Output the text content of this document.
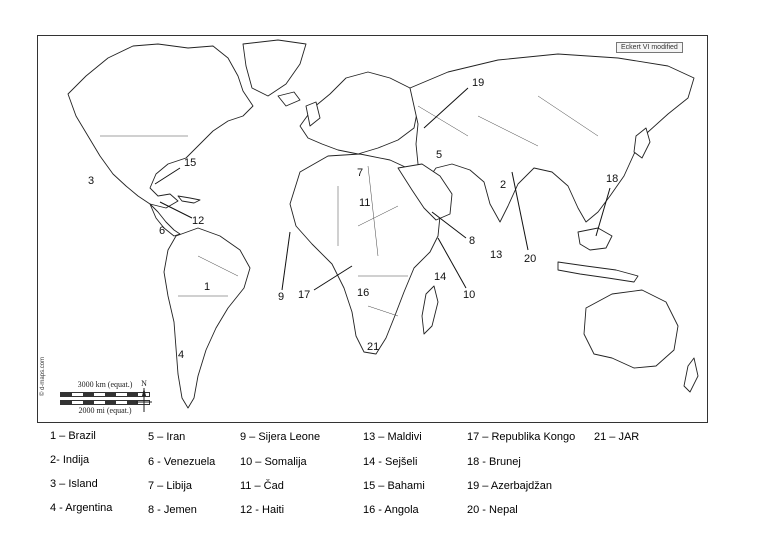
Eckert VI modified
© d-maps.com	3000 km (equat.)
2000 mi (equat.)
N
1
2
3
4
5
6
7
8
9	10
11
12
13
14
15
16
17
18
19
20
21
1 – Brazil
2- Indija
3 – Island
4 - Argentina
5 – Iran
6 - Venezuela
7 – Libija
8 - Jemen
9 – Sijera Leone
10 – Somalija
11 – Čad
12 - Haiti
13 – Maldivi
14 - Sejšeli
15 – Bahami
16 - Angola
17 – Republika Kongo
18 - Brunej
19 – Azerbajdžan
20 - Nepal
21 – JAR
